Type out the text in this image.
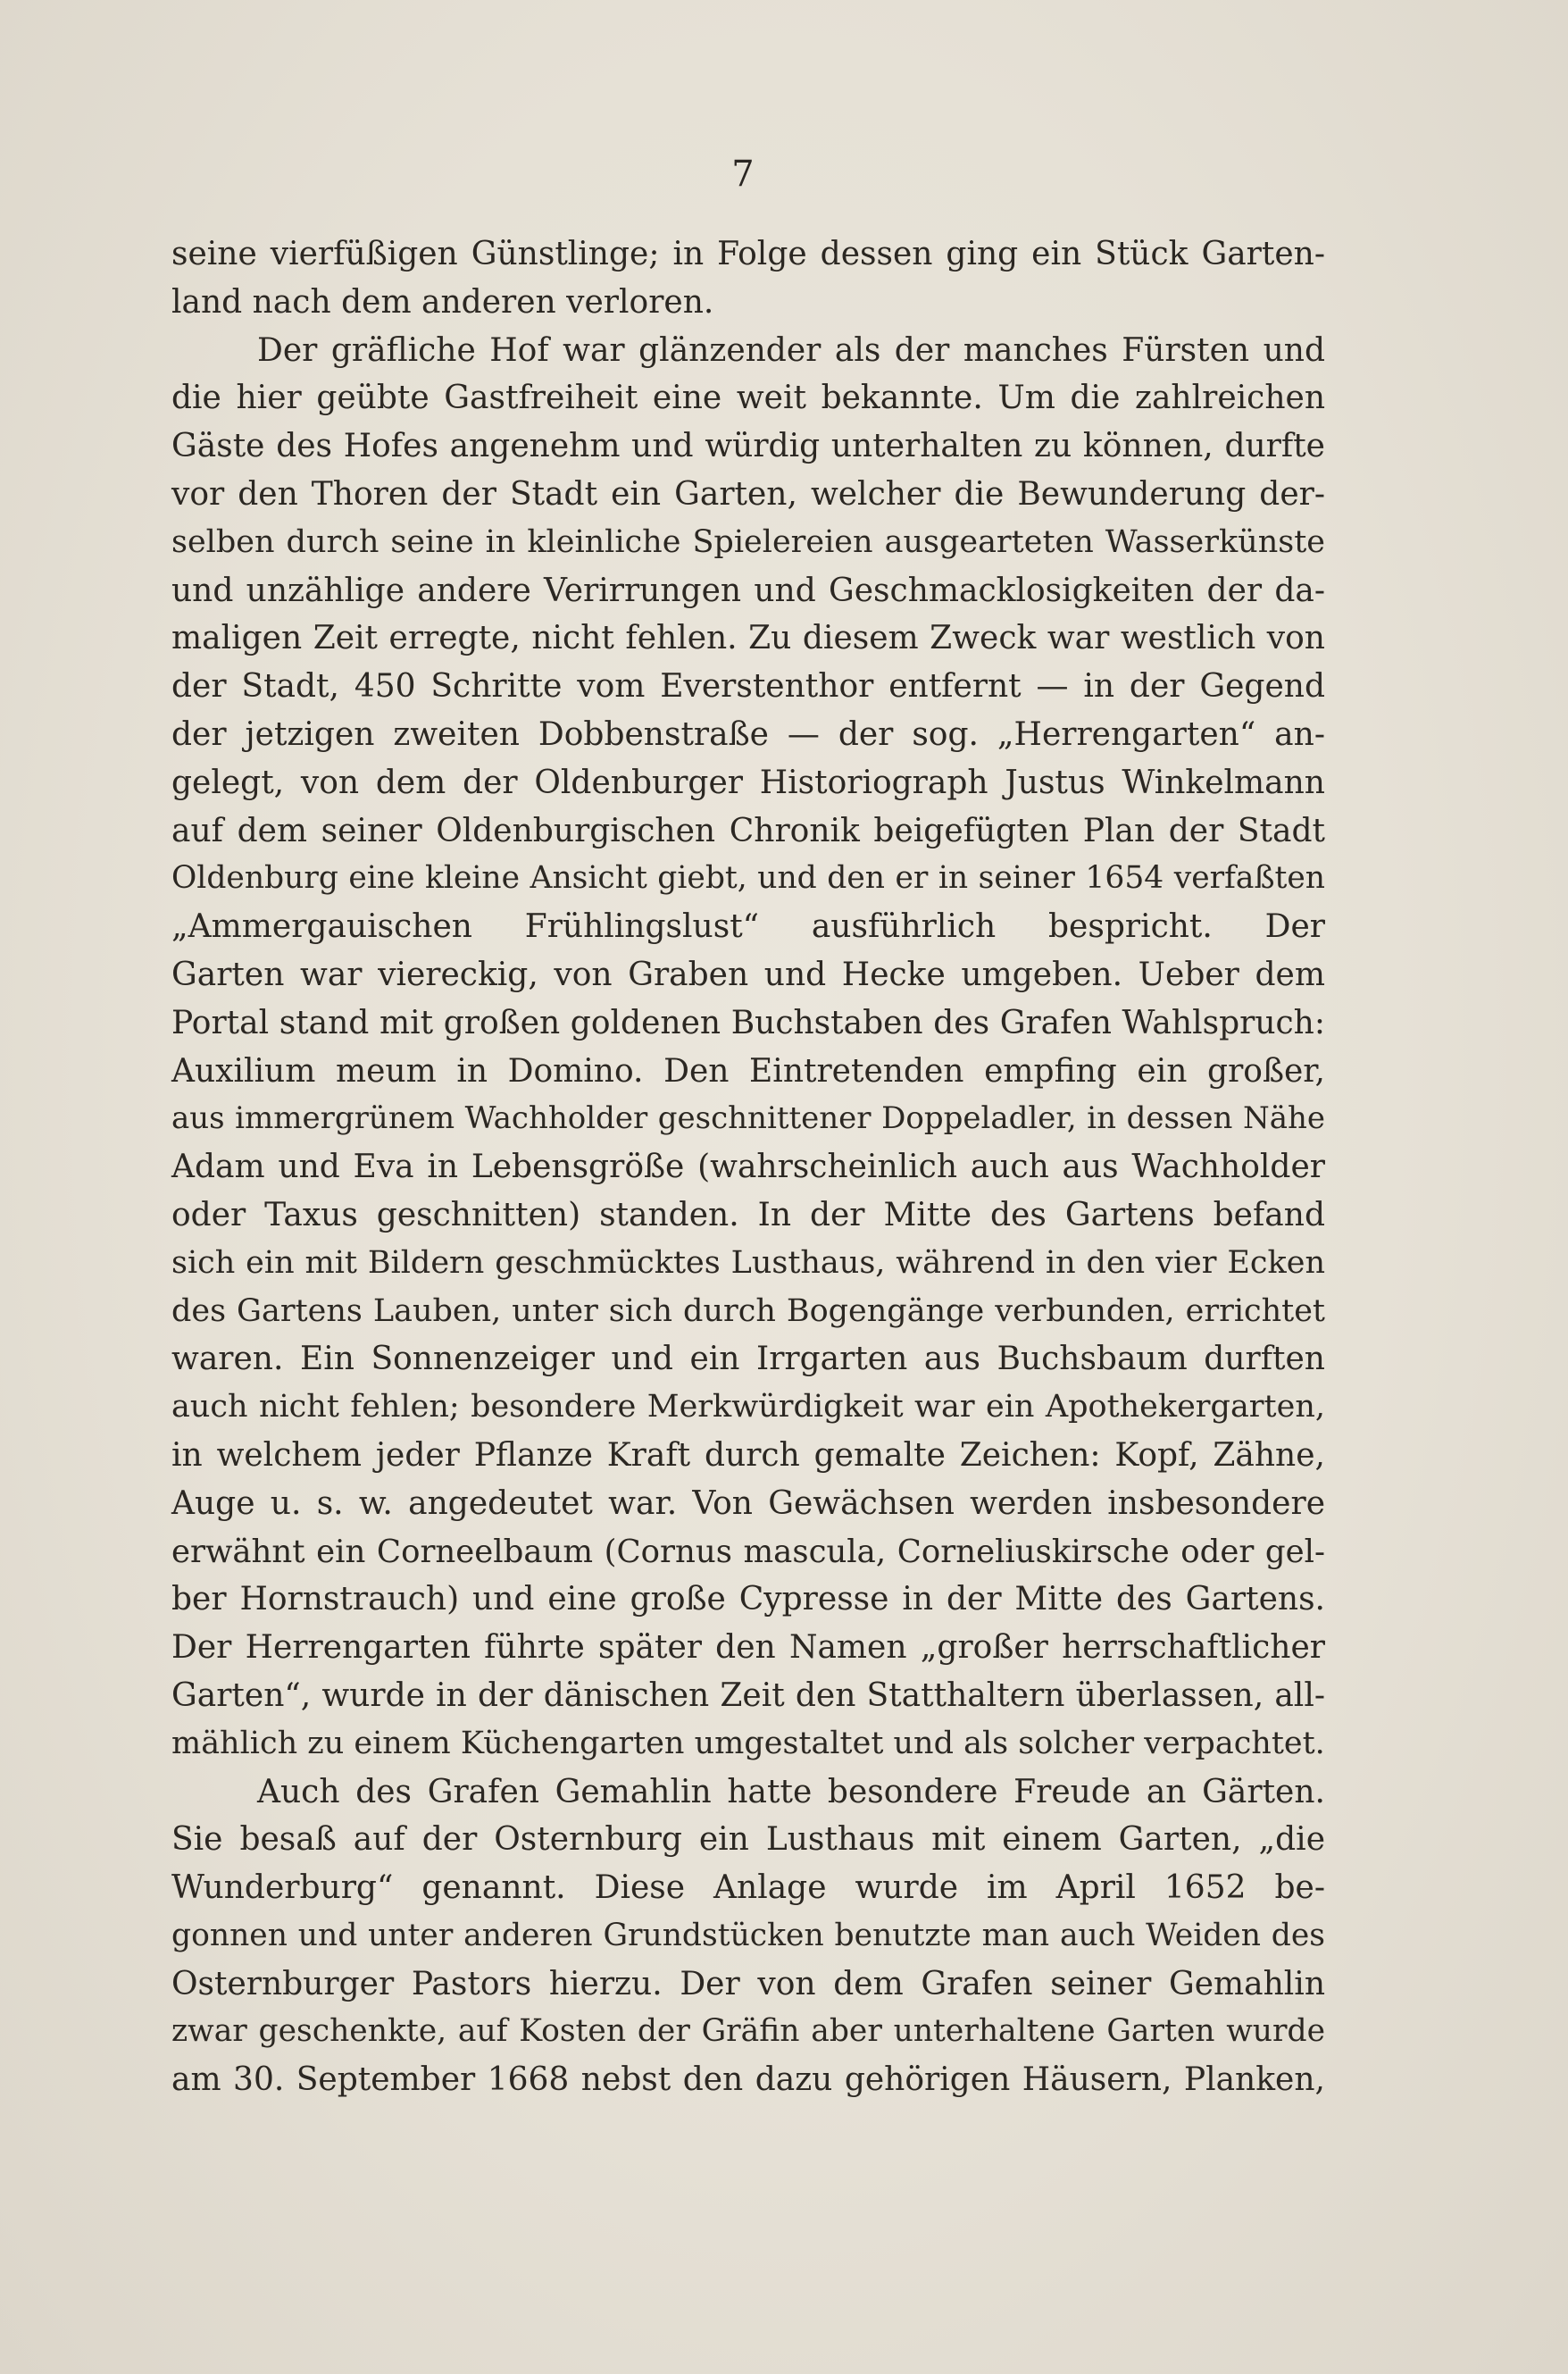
7
seine vierfüßigen Günstlinge; in Folge dessen ging ein Stück Garten-
land nach dem anderen verloren.
Der gräfliche Hof war glänzender als der manches Fürsten und
die hier geübte Gastfreiheit eine weit bekannte. Um die zahlreichen
Gäste des Hofes angenehm und würdig unterhalten zu können, durfte
vor den Thoren der Stadt ein Garten, welcher die Bewunderung der-
selben durch seine in kleinliche Spielereien ausgearteten Wasserkünste
und unzählige andere Verirrungen und Geschmacklosigkeiten der da-
maligen Zeit erregte, nicht fehlen. Zu diesem Zweck war westlich von
der Stadt, 450 Schritte vom Everstenthor entfernt — in der Gegend
der jetzigen zweiten Dobbenstraße — der sog. „Herrengarten“ an-
gelegt, von dem der Oldenburger Historiograph Justus Winkelmann
auf dem seiner Oldenburgischen Chronik beigefügten Plan der Stadt
Oldenburg eine kleine Ansicht giebt, und den er in seiner 1654 verfaßten
„Ammergauischen Frühlingslust“ ausführlich bespricht. Der
Garten war viereckig, von Graben und Hecke umgeben. Ueber dem
Portal stand mit großen goldenen Buchstaben des Grafen Wahlspruch:
Auxilium meum in Domino. Den Eintretenden empfing ein großer,
aus immergrünem Wachholder geschnittener Doppeladler, in dessen Nähe
Adam und Eva in Lebensgröße (wahrscheinlich auch aus Wachholder
oder Taxus geschnitten) standen. In der Mitte des Gartens befand
sich ein mit Bildern geschmücktes Lusthaus, während in den vier Ecken
des Gartens Lauben, unter sich durch Bogengänge verbunden, errichtet
waren. Ein Sonnenzeiger und ein Irrgarten aus Buchsbaum durften
auch nicht fehlen; besondere Merkwürdigkeit war ein Apothekergarten,
in welchem jeder Pflanze Kraft durch gemalte Zeichen: Kopf, Zähne,
Auge u. s. w. angedeutet war. Von Gewächsen werden insbesondere
erwähnt ein Corneelbaum (Cornus mascula, Corneliuskirsche oder gel-
ber Hornstrauch) und eine große Cypresse in der Mitte des Gartens.
Der Herrengarten führte später den Namen „großer herrschaftlicher
Garten“, wurde in der dänischen Zeit den Statthaltern überlassen, all-
mählich zu einem Küchengarten umgestaltet und als solcher verpachtet.
Auch des Grafen Gemahlin hatte besondere Freude an Gärten.
Sie besaß auf der Osternburg ein Lusthaus mit einem Garten, „die
Wunderburg“ genannt. Diese Anlage wurde im April 1652 be-
gonnen und unter anderen Grundstücken benutzte man auch Weiden des
Osternburger Pastors hierzu. Der von dem Grafen seiner Gemahlin
zwar geschenkte, auf Kosten der Gräfin aber unterhaltene Garten wurde
am 30. September 1668 nebst den dazu gehörigen Häusern, Planken,
